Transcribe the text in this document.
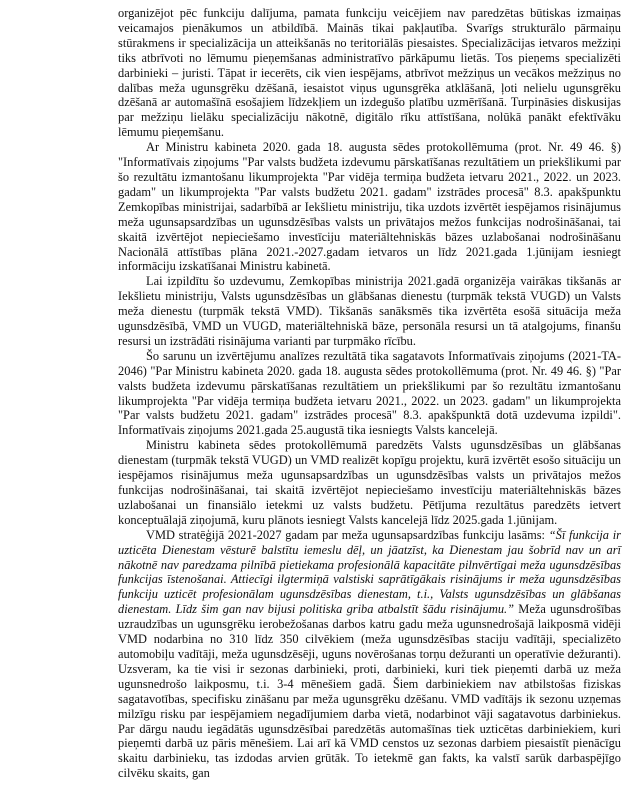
organizējot pēc funkciju dalījuma, pamata funkciju veicējiem nav paredzētas būtiskas izmaiņas veicamajos pienākumos un atbildībā. Mainās tikai pakļautība. Svarīgs strukturālo pārmaiņu stūrakmens ir specializācija un atteikšanās no teritoriālās piesaistes. Specializācijas ietvaros mežziņi tiks atbrīvoti no lēmumu pieņemšanas administratīvo pārkāpumu lietās. Tos pieņems specializēti darbinieki – juristi. Tāpat ir iecerēts, cik vien iespējams, atbrīvot mežziņus un vecākos mežziņus no dalības meža ugunsgrēku dzēšanā, iesaistot viņus ugunsgrēka atklāšanā, ļoti nelielu ugunsgrēku dzēšanā ar automašīnā esošajiem līdzekļiem un izdegušo platību uzmērīšanā. Turpināsies diskusijas par mežziņu lielāku specializāciju nākotnē, digitālo rīku attīstīšana, nolūkā panākt efektīvāku lēmumu pieņemšanu.

Ar Ministru kabineta 2020. gada 18. augusta sēdes protokollēmuma (prot. Nr. 49 46. §) "Informatīvais ziņojums "Par valsts budžeta izdevumu pārskatīšanas rezultātiem un priekšlikumi par šo rezultātu izmantošanu likumprojekta "Par vidēja termiņa budžeta ietvaru 2021., 2022. un 2023. gadam" un likumprojekta "Par valsts budžetu 2021. gadam" izstrādes procesā" 8.3. apakšpunktu Zemkopības ministrijai, sadarbībā ar Iekšlietu ministriju, tika uzdots izvērtēt iespējamos risinājumus meža ugunsapsardzības un ugunsdzēsības valsts un privātajos mežos funkcijas nodrošināšanai, tai skaitā izvērtējot nepieciešamo investīciju materiāltehniskās bāzes uzlabošanai nodrošināšanu Nacionālā attīstības plāna 2021.-2027.gadam ietvaros un līdz 2021.gada 1.jūnijam iesniegt informāciju izskatīšanai Ministru kabinetā.

Lai izpildītu šo uzdevumu, Zemkopības ministrija 2021.gadā organizēja vairākas tikšanās ar Iekšlietu ministriju, Valsts ugunsdzēsības un glābšanas dienestu (turpmāk tekstā VUGD) un Valsts meža dienestu (turpmāk tekstā VMD). Tikšanās sanāksmēs tika izvērtēta esošā situācija meža ugunsdzēsībā, VMD un VUGD, materiāltehniskā bāze, personāla resursi un tā atalgojums, finanšu resursi un izstrādāti risinājuma varianti par turpmāko rīcību.

Šo sarunu un izvērtējumu analīzes rezultātā tika sagatavots Informatīvais ziņojums (2021-TA-2046) "Par Ministru kabineta 2020. gada 18. augusta sēdes protokollēmuma (prot. Nr. 49 46. §) "Par valsts budžeta izdevumu pārskatīšanas rezultātiem un priekšlikumi par šo rezultātu izmantošanu likumprojekta "Par vidēja termiņa budžeta ietvaru 2021., 2022. un 2023. gadam" un likumprojekta "Par valsts budžetu 2021. gadam" izstrādes procesā" 8.3. apakšpunktā dotā uzdevuma izpildi". Informatīvais ziņojums 2021.gada 25.augustā tika iesniegts Valsts kancelejā.

Ministru kabineta sēdes protokollēmumā paredzēts Valsts ugunsdzēsības un glābšanas dienestam (turpmāk tekstā VUGD) un VMD realizēt kopīgu projektu, kurā izvērtēt esošo situāciju un iespējamos risinājumus meža ugunsapsardzības un ugunsdzēsības valsts un privātajos mežos funkcijas nodrošināšanai, tai skaitā izvērtējot nepieciešamo investīciju materiāltehniskās bāzes uzlabošanai un finansiālo ietekmi uz valsts budžetu. Pētījuma rezultātus paredzēts ietvert konceptuālajā ziņojumā, kuru plānots iesniegt Valsts kancelejā līdz 2025.gada 1.jūnijam.

VMD stratēģijā 2021-2027 gadam par meža ugunsapsardzības funkciju lasāms: “Šī funkcija ir uzticēta Dienestam vēsturē balstītu iemeslu dēļ, un jāatzīst, ka Dienestam jau šobrīd nav un arī nākotnē nav paredzama pilnībā pietiekama profesionālā kapacitāte pilnvērtīgai meža ugunsdzēsības funkcijas īstenošanai. Attiecīgi ilgtermiņā valstiski saprātīgākais risinājums ir meža ugunsdzēsības funkciju uzticēt profesionālam ugunsdzēsības dienestam, t.i., Valsts ugunsdzēsības un glābšanas dienestam. Līdz šim gan nav bijusi politiska griba atbalstīt šādu risinājumu.” Meža ugunsdrošības uzraudzības un ugunsgrēku ierobežošanas darbos katru gadu meža ugunsnedrošajā laikposmā vidēji VMD nodarbina no 310 līdz 350 cilvēkiem (meža ugunsdzēsības staciju vadītāji, specializēto automobiļu vadītāji, meža ugunsdzēsēji, uguns novērošanas torņu dežuranti un operatīvie dežuranti). Uzsveram, ka tie visi ir sezonas darbinieki, proti, darbinieki, kuri tiek pieņemti darbā uz meža ugunsnedrošo laikposmu, t.i. 3-4 mēnešiem gadā. Šiem darbiniekiem nav atbilstošas fiziskas sagatavotības, specifisku zināšanu par meža ugunsgrēku dzēšanu. VMD vadītājs ik sezonu uzņemas milzīgu risku par iespējamiem negadījumiem darba vietā, nodarbinot vāji sagatavotus darbiniekus. Par dārgu naudu iegādātās ugunsdzēsībai paredzētās automašīnas tiek uzticētas darbiniekiem, kuri pieņemti darbā uz pāris mēnešiem. Lai arī kā VMD censtos uz sezonas darbiem piesaistīt pienācīgu skaitu darbinieku, tas izdodas arvien grūtāk. To ietekmē gan fakts, ka valstī sarūk darbaspējīgo cilvēku skaits, gan
